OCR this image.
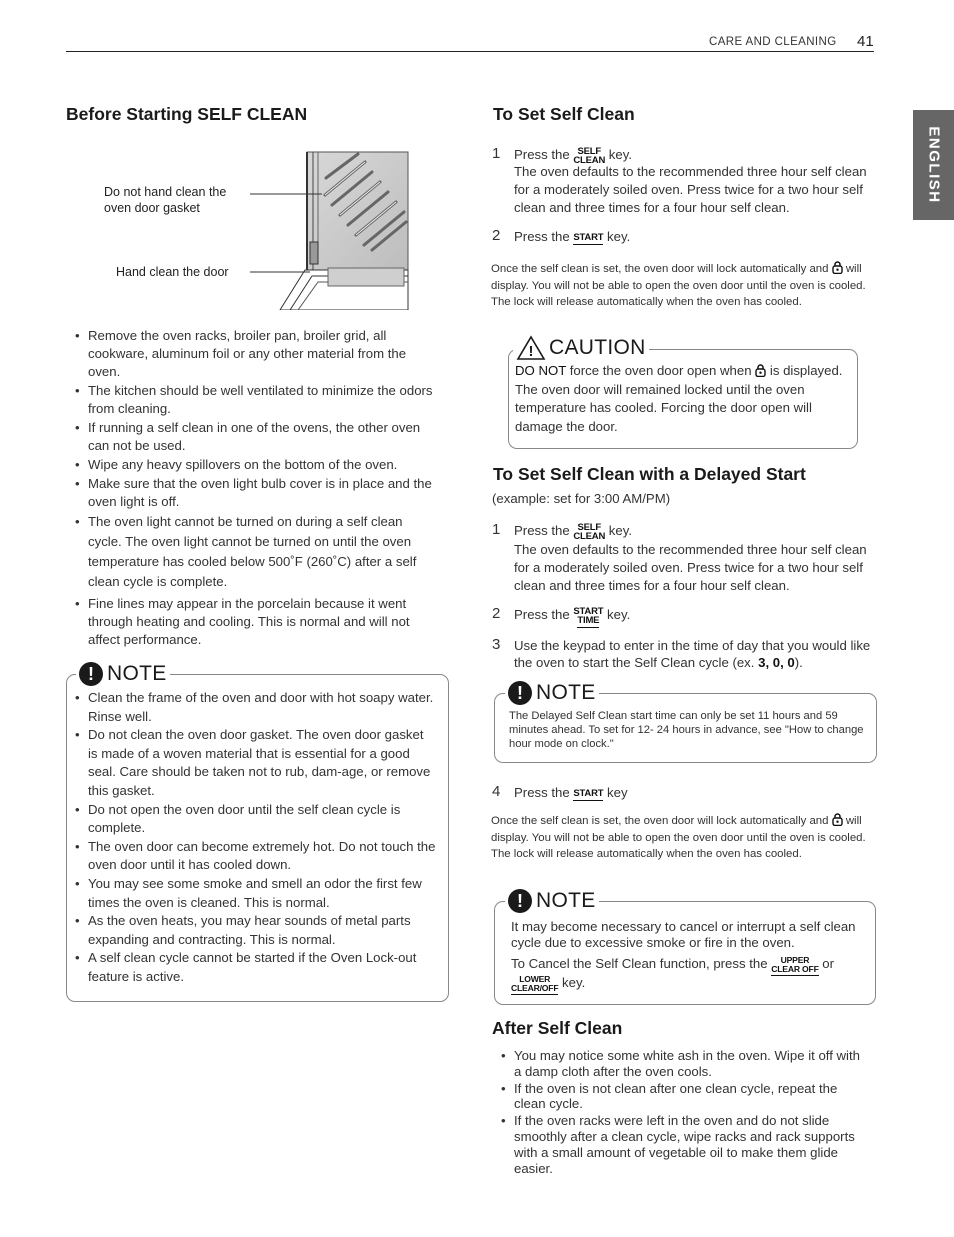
CARE AND CLEANING 41
ENGLISH
Before Starting SELF CLEAN
Do not hand clean the oven door gasket
Hand clean the door
• Remove the oven racks, broiler pan, broiler grid, all cookware, aluminum foil or any other material from the oven.
• The kitchen should be well ventilated to minimize the odors from cleaning.
• If running a self clean in one of the ovens, the other oven can not be used.
• Wipe any heavy spillovers on the bottom of the oven.
• Make sure that the oven light bulb cover is in place and the oven light is off.
• The oven light cannot be turned on during a self clean cycle. The oven light cannot be turned on until the oven temperature has cooled below 500˚F (260˚C) after a self clean cycle is complete.
• Fine lines may appear in the porcelain because it went through heating and cooling. This is normal and will not affect performance.
! NOTE
• Clean the frame of the oven and door with hot soapy water. Rinse well.
• Do not clean the oven door gasket. The oven door gasket is made of a woven material that is essential for a good seal. Care should be taken not to rub, dam-age, or remove this gasket.
• Do not open the oven door until the self clean cycle is complete.
• The oven door can become extremely hot. Do not touch the oven door until it has cooled down.
• You may see some smoke and smell an odor the first few times the oven is cleaned. This is normal.
• As the oven heats, you may hear sounds of metal parts expanding and contracting. This is normal.
• A self clean cycle cannot be started if the Oven Lock-out feature is active.
To Set Self Clean
1 Press the SELF
CLEAN key.
The oven defaults to the recommended three hour self clean for a moderately soiled oven. Press twice for a two hour self clean and three times for a four hour self clean.
2 Press the START key.
Once the self clean is set, the oven door will lock automatically and will display. You will not be able to open the oven door until the oven is cooled. The lock will release automatically when the oven has cooled.
! CAUTION
DO NOT force the oven door open when is displayed. The oven door will remained locked until the oven temperature has cooled. Forcing the door open will damage the door.
To Set Self Clean with a Delayed Start
(example: set for 3:00 AM/PM)
1 Press the SELF
CLEAN key.
The oven defaults to the recommended three hour self clean for a moderately soiled oven. Press twice for a two hour self clean and three times for a four hour self clean.
2 Press the START
TIME key.
3 Use the keypad to enter in the time of day that you would like the oven to start the Self Clean cycle (ex. 3, 0, 0).
! NOTE
The Delayed Self Clean start time can only be set 11 hours and 59 minutes ahead. To set for 12- 24 hours in advance, see "How to change hour mode on clock."
4 Press the START key
Once the self clean is set, the oven door will lock automatically and will display. You will not be able to open the oven door until the oven is cooled. The lock will release automatically when the oven has cooled.
! NOTE
It may become necessary to cancel or interrupt a self clean cycle due to excessive smoke or fire in the oven.
To Cancel the Self Clean function, press the UPPER
CLEAR OFF or
LOWER
CLEAR/OFF key.
After Self Clean
• You may notice some white ash in the oven. Wipe it off with a damp cloth after the oven cools.
• If the oven is not clean after one clean cycle, repeat the clean cycle.
• If the oven racks were left in the oven and do not slide smoothly after a clean cycle, wipe racks and rack supports with a small amount of vegetable oil to make them glide easier.
